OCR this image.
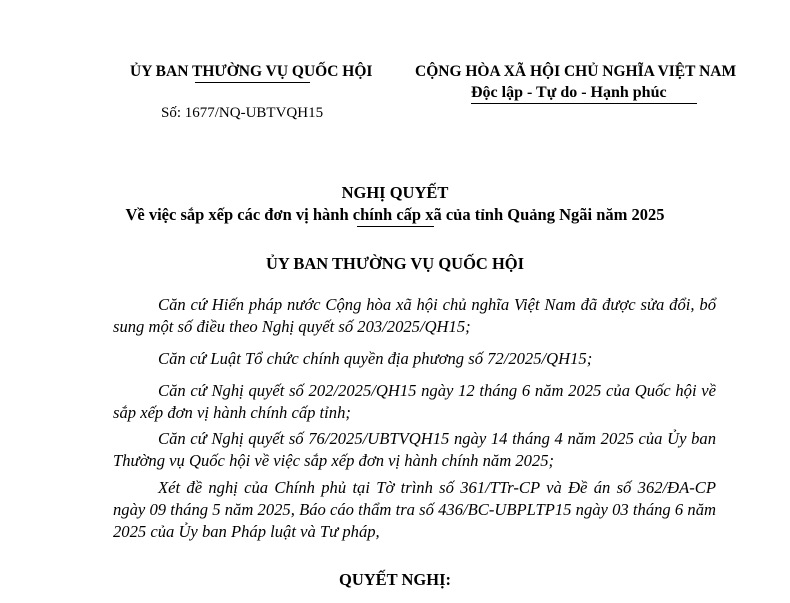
ỦY BAN THƯỜNG VỤ QUỐC HỘI	CỘNG HÒA XÃ HỘI CHỦ NGHĨA VIỆT NAM
Độc lập - Tự do - Hạnh phúc
Số: 1677/NQ-UBTVQH15
NGHỊ QUYẾT
Về việc sắp xếp các đơn vị hành chính cấp xã của tỉnh Quảng Ngãi năm 2025
ỦY BAN THƯỜNG VỤ QUỐC HỘI

Căn cứ Hiến pháp nước Cộng hòa xã hội chủ nghĩa Việt Nam đã được sửa đổi, bổ sung một số điều theo Nghị quyết số 203/2025/QH15;

Căn cứ Luật Tổ chức chính quyền địa phương số 72/2025/QH15;

Căn cứ Nghị quyết số 202/2025/QH15 ngày 12 tháng 6 năm 2025 của Quốc hội về sắp xếp đơn vị hành chính cấp tỉnh;

Căn cứ Nghị quyết số 76/2025/UBTVQH15 ngày 14 tháng 4 năm 2025 của Ủy ban Thường vụ Quốc hội về việc sắp xếp đơn vị hành chính năm 2025;

Xét đề nghị của Chính phủ tại Tờ trình số 361/TTr-CP và Đề án số 362/ĐA-CP ngày 09 tháng 5 năm 2025, Báo cáo thẩm tra số 436/BC-UBPLTP15 ngày 03 tháng 6 năm 2025 của Ủy ban Pháp luật và Tư pháp,

QUYẾT NGHỊ:
